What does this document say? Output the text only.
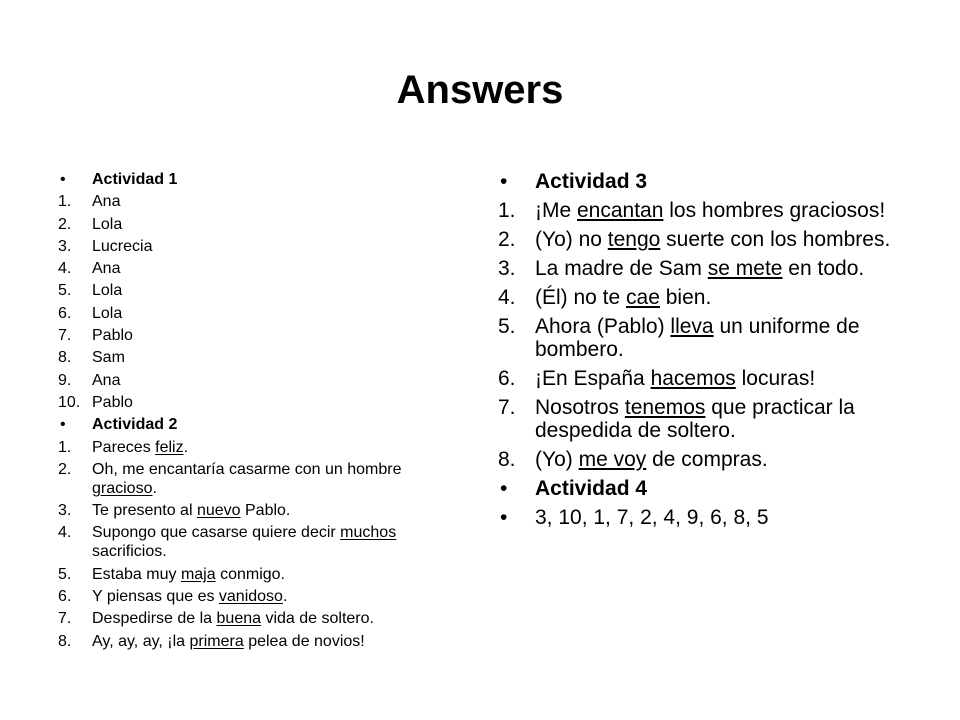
Answers
•	Actividad 1
1.	Ana
2.	Lola
3.	Lucrecia
4.	Ana
5.	Lola
6.	Lola
7.	Pablo
8.	Sam
9.	Ana
10. Pablo
•	Actividad 2
1.	Pareces feliz.
2.	Oh, me encantaría casarme con un hombre gracioso.
3.	Te presento al nuevo Pablo.
4.	Supongo que casarse quiere decir muchos sacrificios.
5.	Estaba muy maja conmigo.
6.	Y piensas que es vanidoso.
7.	Despedirse de la buena vida de soltero.
8.	Ay, ay, ay, ¡la primera pelea de novios!
•	Actividad 3
1. ¡Me encantan los hombres graciosos!
2. (Yo) no tengo suerte con los hombres.
3. La madre de Sam se mete en todo.
4. (Él) no te cae bien.
5. Ahora (Pablo) lleva un uniforme de bombero.
6. ¡En España hacemos locuras!
7. Nosotros tenemos que practicar la despedida de soltero.
8. (Yo) me voy de compras.
•	Actividad 4
•	3, 10, 1, 7, 2, 4, 9, 6, 8, 5
